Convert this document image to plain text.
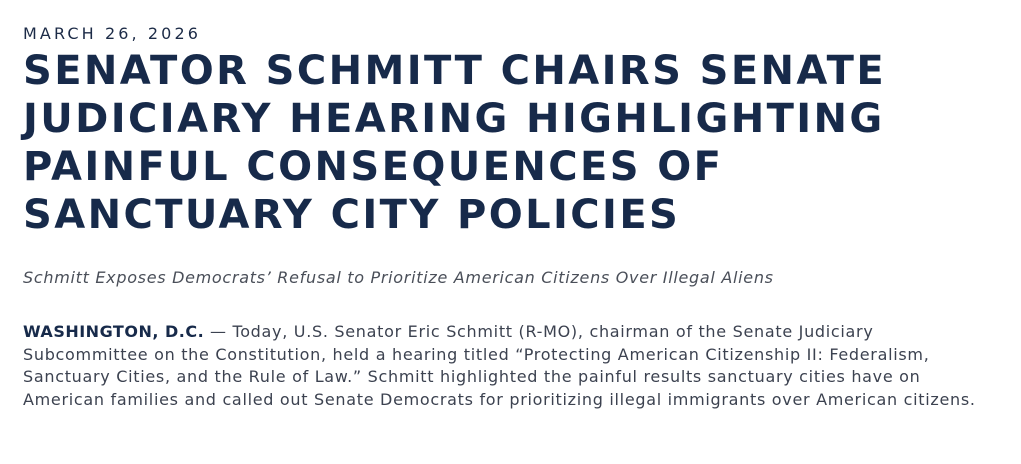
MARCH 26, 2026
SENATOR SCHMITT CHAIRS SENATE JUDICIARY HEARING HIGHLIGHTING PAINFUL CONSEQUENCES OF SANCTUARY CITY POLICIES
Schmitt Exposes Democrats’ Refusal to Prioritize American Citizens Over Illegal Aliens

WASHINGTON, D.C. — Today, U.S. Senator Eric Schmitt (R-MO), chairman of the Senate Judiciary Subcommittee on the Constitution, held a hearing titled “Protecting American Citizenship II: Federalism, Sanctuary Cities, and the Rule of Law.” Schmitt highlighted the painful results sanctuary cities have on American families and called out Senate Democrats for prioritizing illegal immigrants over American citizens.
